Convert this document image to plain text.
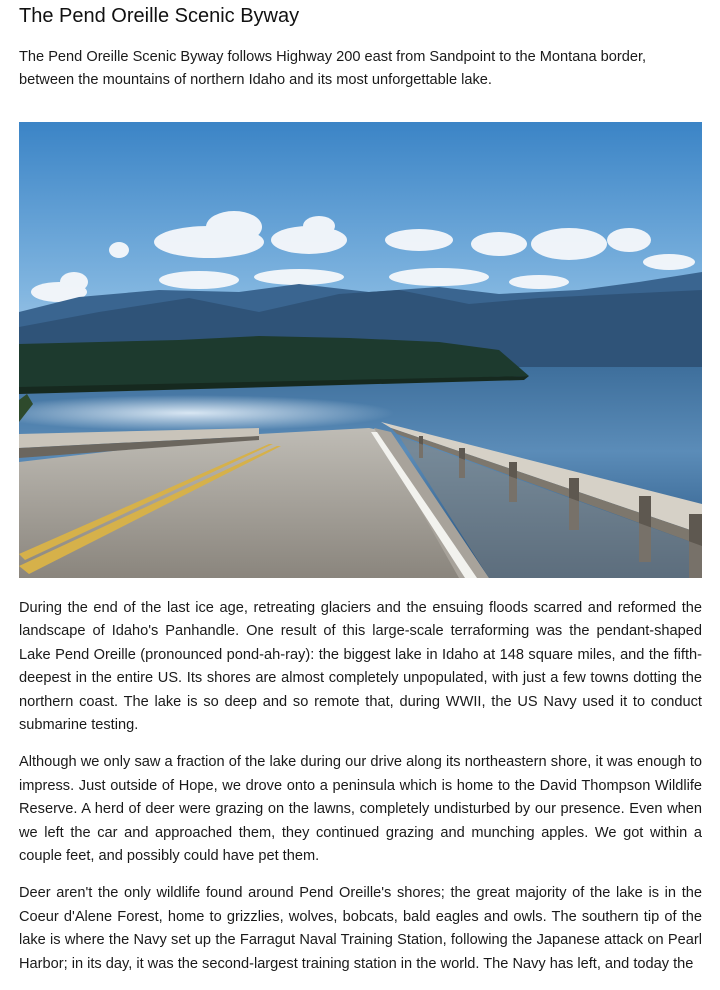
The Pend Oreille Scenic Byway

The Pend Oreille Scenic Byway follows Highway 200 east from Sandpoint to the Montana border, between the mountains of northern Idaho and its most unforgettable lake.

During the end of the last ice age, retreating glaciers and the ensuing floods scarred and reformed the landscape of Idaho's Panhandle. One result of this large-scale terraforming was the pendant-shaped Lake Pend Oreille (pronounced pond-ah-ray): the biggest lake in Idaho at 148 square miles, and the fifth-deepest in the entire US. Its shores are almost completely unpopulated, with just a few towns dotting the northern coast. The lake is so deep and so remote that, during WWII, the US Navy used it to conduct submarine testing.

Although we only saw a fraction of the lake during our drive along its northeastern shore, it was enough to impress. Just outside of Hope, we drove onto a peninsula which is home to the David Thompson Wildlife Reserve. A herd of deer were grazing on the lawns, completely undisturbed by our presence. Even when we left the car and approached them, they continued grazing and munching apples. We got within a couple feet, and possibly could have pet them.

Deer aren't the only wildlife found around Pend Oreille's shores; the great majority of the lake is in the Coeur d'Alene Forest, home to grizzlies, wolves, bobcats, bald eagles and owls. The southern tip of the lake is where the Navy set up the Farragut Naval Training Station, following the Japanese attack on Pearl Harbor; in its day, it was the second-largest training station in the world. The Navy has left, and today the
